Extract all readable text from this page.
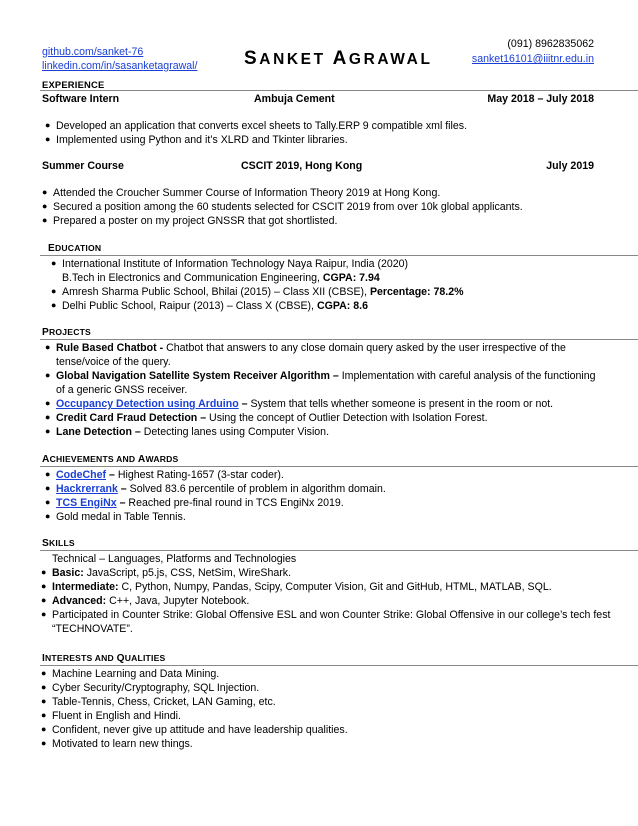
github.com/sanket-76
linkedin.com/in/sasanketagrawal/ SANKET AGRAWAL
(091) 8962835062
sanket16101@iiitnr.edu.in
EXPERIENCE
Software Intern	Ambuja Cement	May 2018 – July 2018
● Developed an application that converts excel sheets to Tally.ERP 9 compatible xml files.
● Implemented using Python and it’s XLRD and Tkinter libraries.
Summer Course	CSCIT 2019, Hong Kong	July 2019
● Attended the Croucher Summer Course of Information Theory 2019 at Hong Kong.
● Secured a position among the 60 students selected for CSCIT 2019 from over 10k global applicants.
● Prepared a poster on my project GNSSR that got shortlisted.
EDUCATION
● International Institute of Information Technology Naya Raipur, India (2020)
B.Tech in Electronics and Communication Engineering, CGPA: 7.94
● Amresh Sharma Public School, Bhilai (2015) – Class XII (CBSE), Percentage: 78.2%
● Delhi Public School, Raipur (2013) – Class X (CBSE), CGPA: 8.6
PROJECTS
● Rule Based Chatbot - Chatbot that answers to any close domain query asked by the user irrespective of the
tense/voice of the query.
● Global Navigation Satellite System Receiver Algorithm – Implementation with careful analysis of the functioning
of a generic GNSS receiver.
● Occupancy Detection using Arduino – System that tells whether someone is present in the room or not.
● Credit Card Fraud Detection – Using the concept of Outlier Detection with Isolation Forest.
● Lane Detection – Detecting lanes using Computer Vision.
ACHIEVEMENTS AND AWARDS
● CodeChef – Highest Rating-1657 (3-star coder).
● Hackrerrank – Solved 83.6 percentile of problem in algorithm domain.
● TCS EngiNx – Reached pre-final round in TCS EngiNx 2019.
● Gold medal in Table Tennis.
SKILLS
Technical – Languages, Platforms and Technologies
● Basic: JavaScript, p5.js, CSS, NetSim, WireShark.
● Intermediate: C, Python, Numpy, Pandas, Scipy, Computer Vision, Git and GitHub, HTML, MATLAB, SQL.
● Advanced: C++, Java, Jupyter Notebook.
● Participated in Counter Strike: Global Offensive ESL and won Counter Strike: Global Offensive in our college’s tech fest
“TECHNOVATE”.
INTERESTS AND QUALITIES
● Machine Learning and Data Mining.
● Cyber Security/Cryptography, SQL Injection.
● Table-Tennis, Chess, Cricket, LAN Gaming, etc.
● Fluent in English and Hindi.
● Confident, never give up attitude and have leadership qualities.
● Motivated to learn new things.
